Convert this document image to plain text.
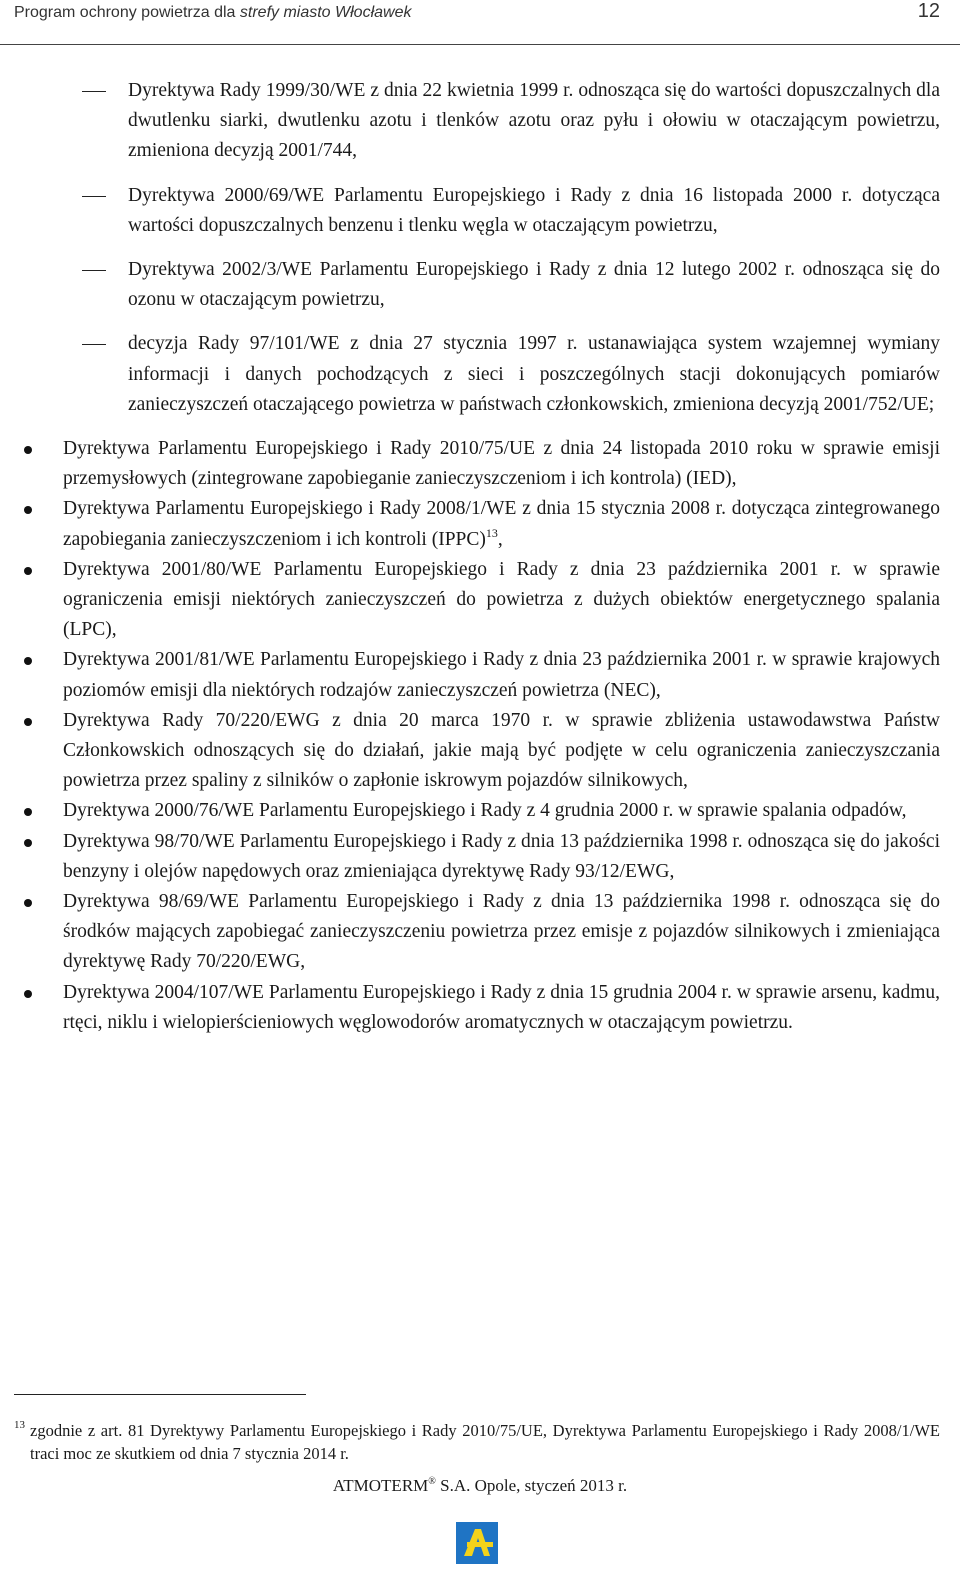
Program ochrony powietrza dla strefy miasto Włocławek	12
Dyrektywa Rady 1999/30/WE z dnia 22 kwietnia 1999 r. odnosząca się do wartości dopuszczalnych dla dwutlenku siarki, dwutlenku azotu i tlenków azotu oraz pyłu i ołowiu w otaczającym powietrzu, zmieniona decyzją 2001/744,
Dyrektywa 2000/69/WE Parlamentu Europejskiego i Rady z dnia 16 listopada 2000 r. dotycząca wartości dopuszczalnych benzenu i tlenku węgla w otaczającym powietrzu,
Dyrektywa 2002/3/WE Parlamentu Europejskiego i Rady z dnia 12 lutego 2002 r. odnosząca się do ozonu w otaczającym powietrzu,
decyzja Rady 97/101/WE z dnia 27 stycznia 1997 r. ustanawiająca system wzajemnej wymiany informacji i danych pochodzących z sieci i poszczególnych stacji dokonujących pomiarów zanieczyszczeń otaczającego powietrza w państwach członkowskich, zmieniona decyzją 2001/752/UE;
Dyrektywa Parlamentu Europejskiego i Rady 2010/75/UE z dnia 24 listopada 2010 roku w sprawie emisji przemysłowych (zintegrowane zapobieganie zanieczyszczeniom i ich kontrola) (IED),
Dyrektywa Parlamentu Europejskiego i Rady 2008/1/WE z dnia 15 stycznia 2008 r. dotycząca zintegrowanego zapobiegania zanieczyszczeniom i ich kontroli (IPPC)$^{13}$,
Dyrektywa 2001/80/WE Parlamentu Europejskiego i Rady z dnia 23 października 2001 r. w sprawie ograniczenia emisji niektórych zanieczyszczeń do powietrza z dużych obiektów energetycznego spalania (LPC),
Dyrektywa 2001/81/WE Parlamentu Europejskiego i Rady z dnia 23 października 2001 r. w sprawie krajowych poziomów emisji dla niektórych rodzajów zanieczyszczeń powietrza (NEC),
Dyrektywa Rady 70/220/EWG z dnia 20 marca 1970 r. w sprawie zbliżenia ustawodawstwa Państw Członkowskich odnoszących się do działań, jakie mają być podjęte w celu ograniczenia zanieczyszczania powietrza przez spaliny z silników o zapłonie iskrowym pojazdów silnikowych,
Dyrektywa 2000/76/WE Parlamentu Europejskiego i Rady z 4 grudnia 2000 r. w sprawie spalania odpadów,
Dyrektywa 98/70/WE Parlamentu Europejskiego i Rady z dnia 13 października 1998 r. odnosząca się do jakości benzyny i olejów napędowych oraz zmieniająca dyrektywę Rady 93/12/EWG,
Dyrektywa 98/69/WE Parlamentu Europejskiego i Rady z dnia 13 października 1998 r. odnosząca się do środków mających zapobiegać zanieczyszczeniu powietrza przez emisje z pojazdów silnikowych i zmieniająca dyrektywę Rady 70/220/EWG,
Dyrektywa 2004/107/WE Parlamentu Europejskiego i Rady z dnia 15 grudnia 2004 r. w sprawie arsenu, kadmu, rtęci, niklu i wielopierścieniowych węglowodorów aromatycznych w otaczającym powietrzu.
13 zgodnie z art. 81 Dyrektywy Parlamentu Europejskiego i Rady 2010/75/UE, Dyrektywa Parlamentu Europejskiego i Rady 2008/1/WE traci moc ze skutkiem od dnia 7 stycznia 2014 r.
ATMOTERM® S.A. Opole, styczeń 2013 r.
